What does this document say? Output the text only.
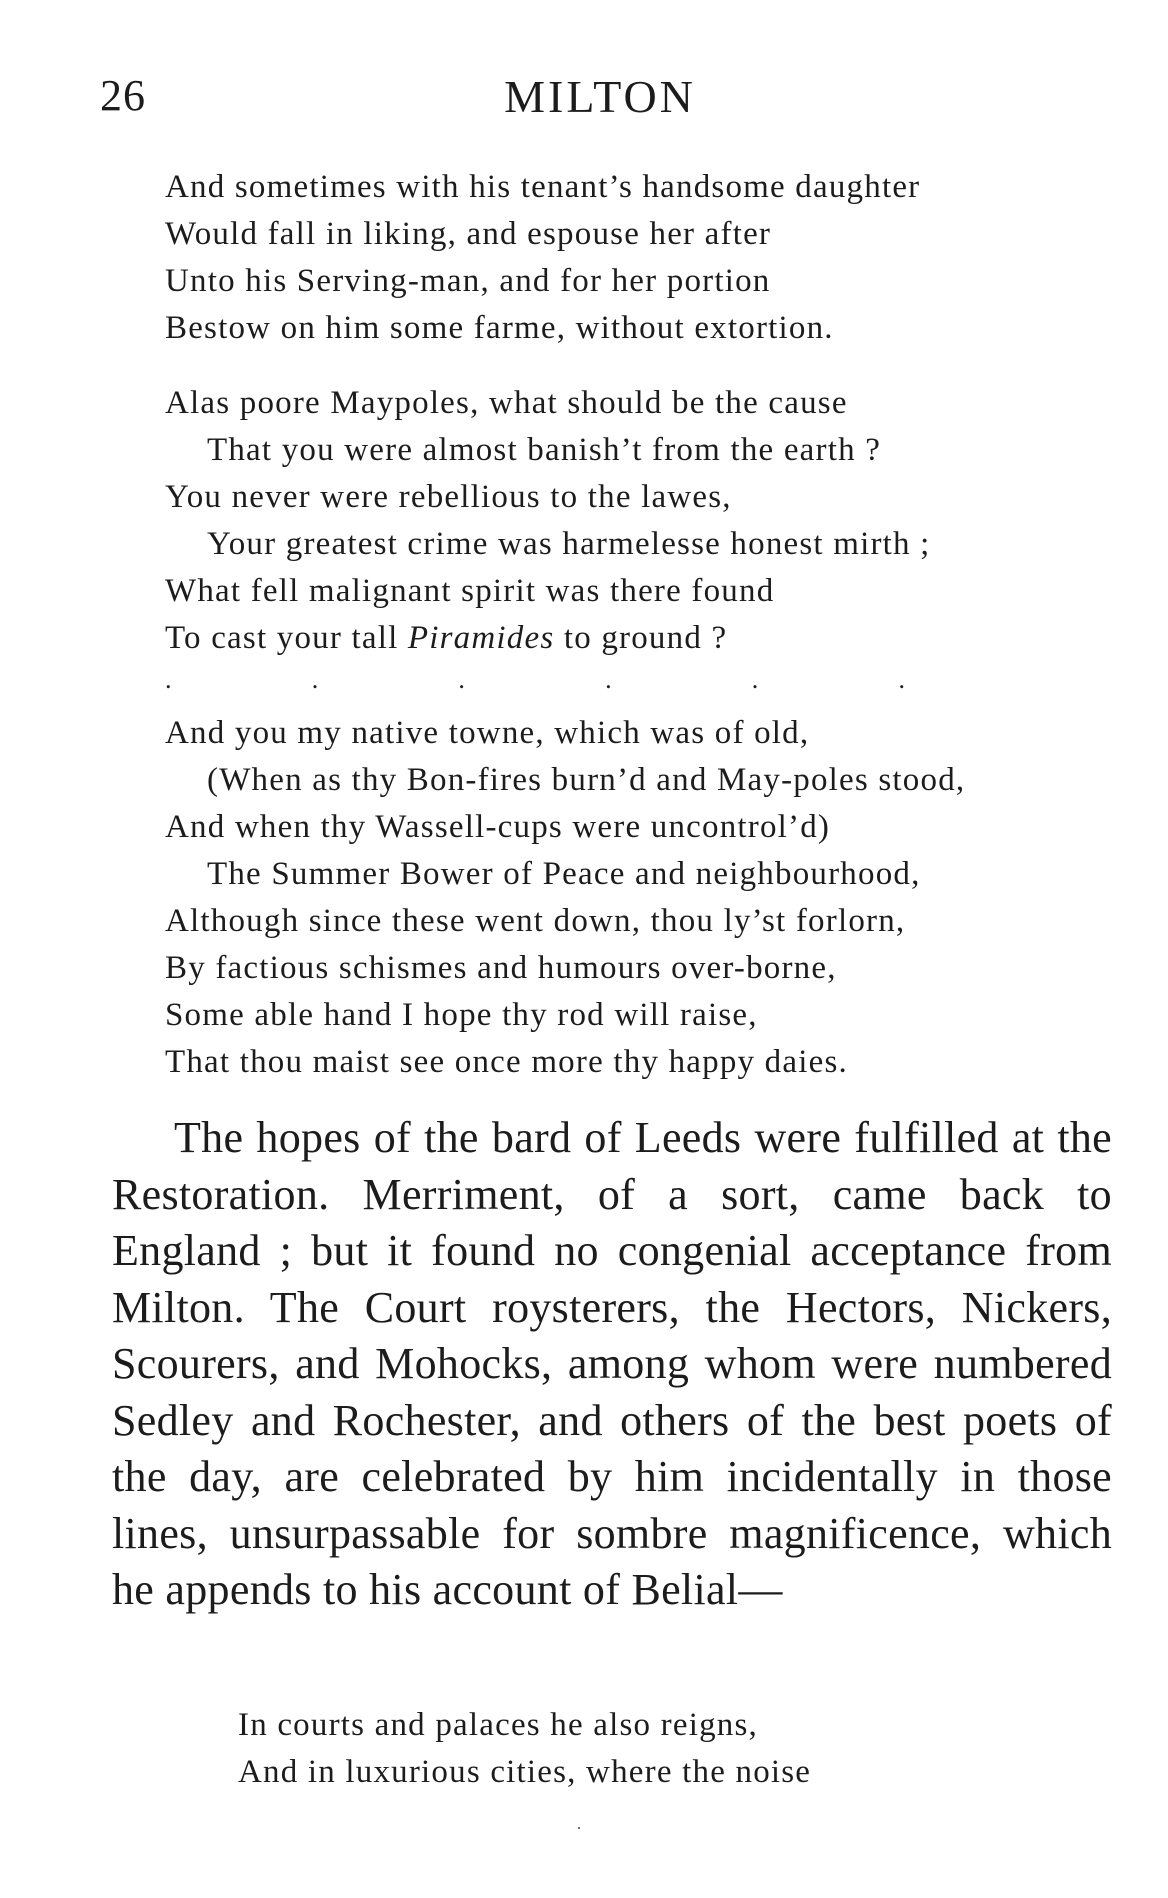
26	MILTON
And sometimes with his tenant’s handsome daughter
Would fall in liking, and espouse her after
Unto his Serving-man, and for her portion
Bestow on him some farme, without extortion.
Alas poore Maypoles, what should be the cause
That you were almost banish’t from the earth ?
You never were rebellious to the lawes,
Your greatest crime was harmelesse honest mirth ;
What fell malignant spirit was there found
To cast your tall Piramides to ground ?
.	.	.	.	.	.
And you my native towne, which was of old,
(When as thy Bon-fires burn’d and May-poles stood,
And when thy Wassell-cups were uncontrol’d)
The Summer Bower of Peace and neighbourhood,
Although since these went down, thou ly’st forlorn,
By factious schismes and humours over-borne,
Some able hand I hope thy rod will raise,
That thou maist see once more thy happy daies.

The hopes of the bard of Leeds were fulfilled at the Restoration. Merriment, of a sort, came back to England ; but it found no congenial acceptance from Milton. The Court roysterers, the Hectors, Nickers, Scourers, and Mohocks, among whom were numbered Sedley and Rochester, and others of the best poets of the day, are celebrated by him incidentally in those lines, unsurpassable for sombre magnificence, which he appends to his account of Belial—

In courts and palaces he also reigns,
And in luxurious cities, where the noise
·
